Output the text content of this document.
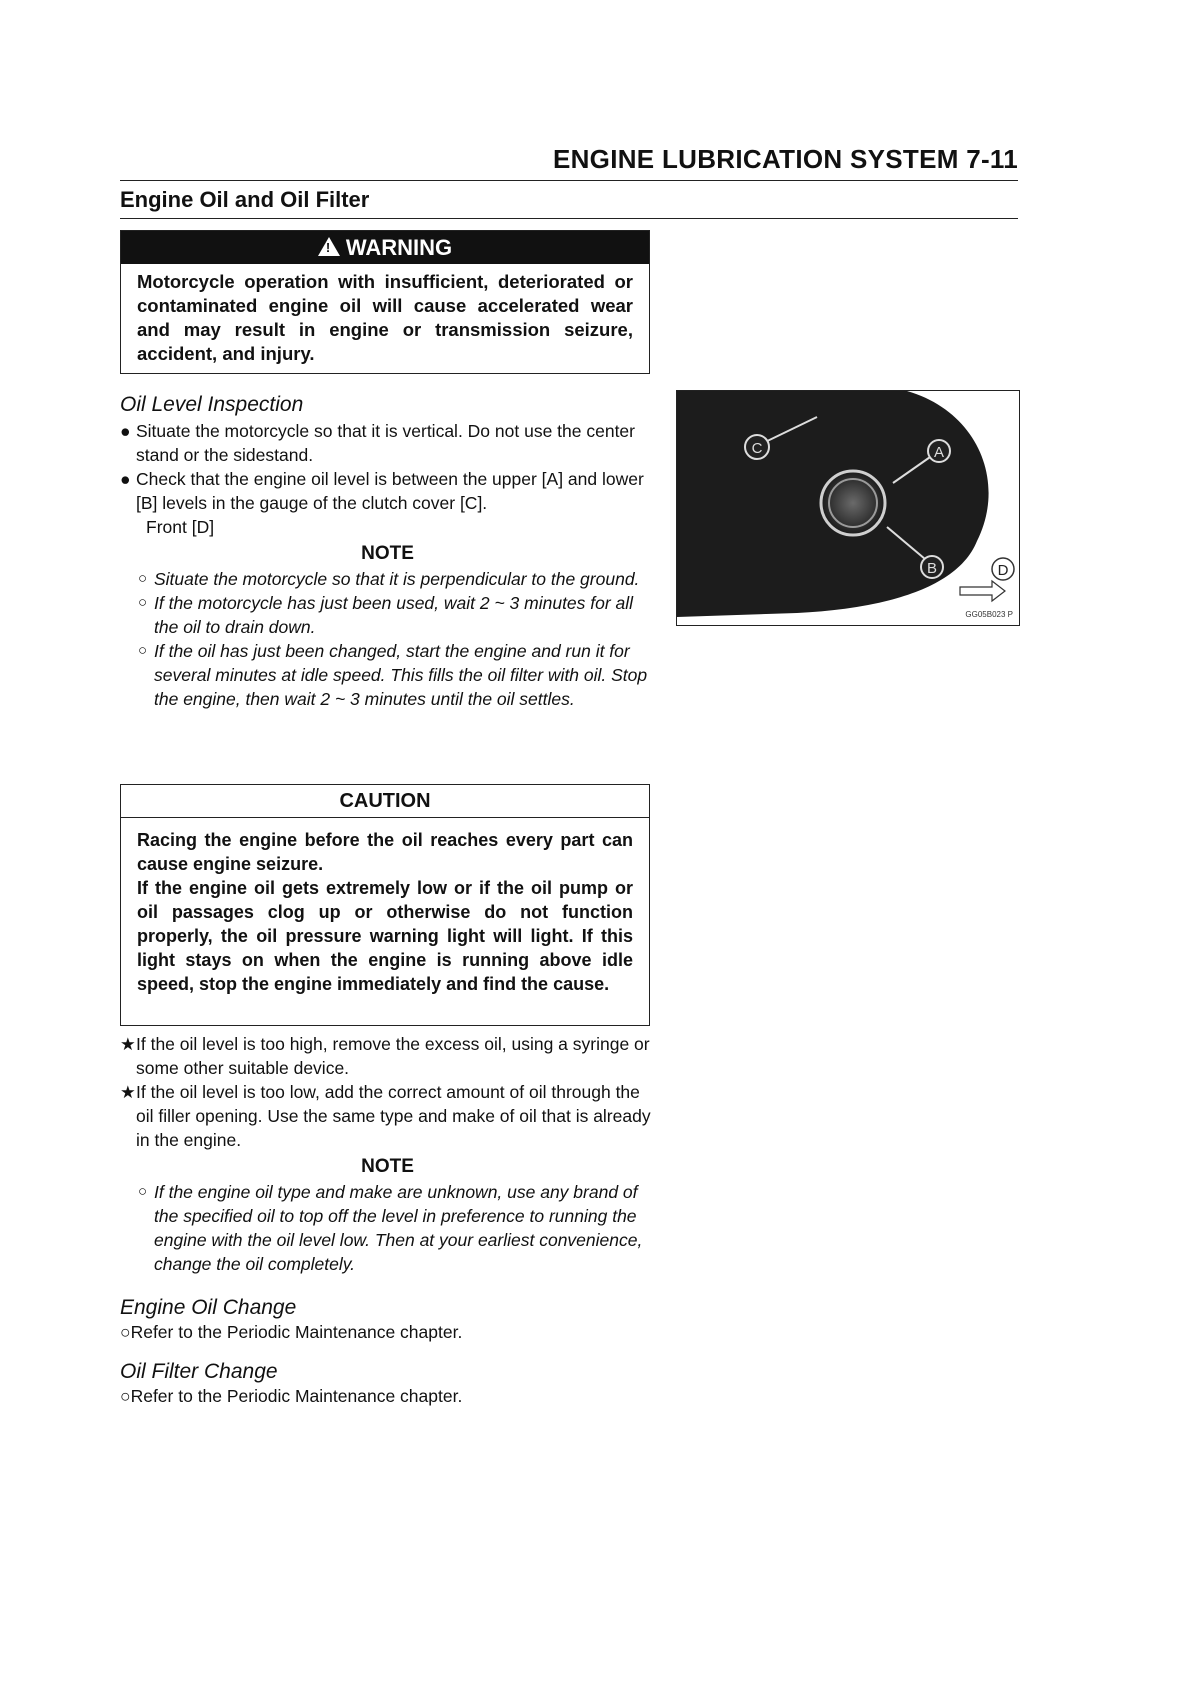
ENGINE LUBRICATION SYSTEM 7-11
Engine Oil and Oil Filter
!
WARNING
Motorcycle operation with insufficient, deteriorated or contaminated engine oil will cause accelerated wear and may result in engine or transmission seizure, accident, and injury.

Oil Level Inspection

● Situate the motorcycle so that it is vertical. Do not use the center stand or the sidestand.

● Check that the engine oil level is between the upper [A] and lower [B] levels in the gauge of the clutch cover [C].

Front [D]

NOTE

○ Situate the motorcycle so that it is perpendicular to the ground.

○ If the motorcycle has just been used, wait 2 ~ 3 minutes for all the oil to drain down.

○ If the oil has just been changed, start the engine and run it for several minutes at idle speed. This fills the oil filter with oil. Stop the engine, then wait 2 ~ 3 minutes until the oil settles.

C	A
B	D
GG05B023 P
CAUTION
Racing the engine before the oil reaches every part can cause engine seizure.
If the engine oil gets extremely low or if the oil pump or oil passages clog up or otherwise do not function properly, the oil pressure warning light will light. If this light stays on when the engine is running above idle speed, stop the engine immediately and find the cause.

★ If the oil level is too high, remove the excess oil, using a syringe or some other suitable device.

★ If the oil level is too low, add the correct amount of oil through the oil filler opening. Use the same type and make of oil that is already in the engine.

NOTE

○ If the engine oil type and make are unknown, use any brand of the specified oil to top off the level in preference to running the engine with the oil level low. Then at your earliest convenience, change the oil completely.

Engine Oil Change

○Refer to the Periodic Maintenance chapter.

Oil Filter Change

○Refer to the Periodic Maintenance chapter.
